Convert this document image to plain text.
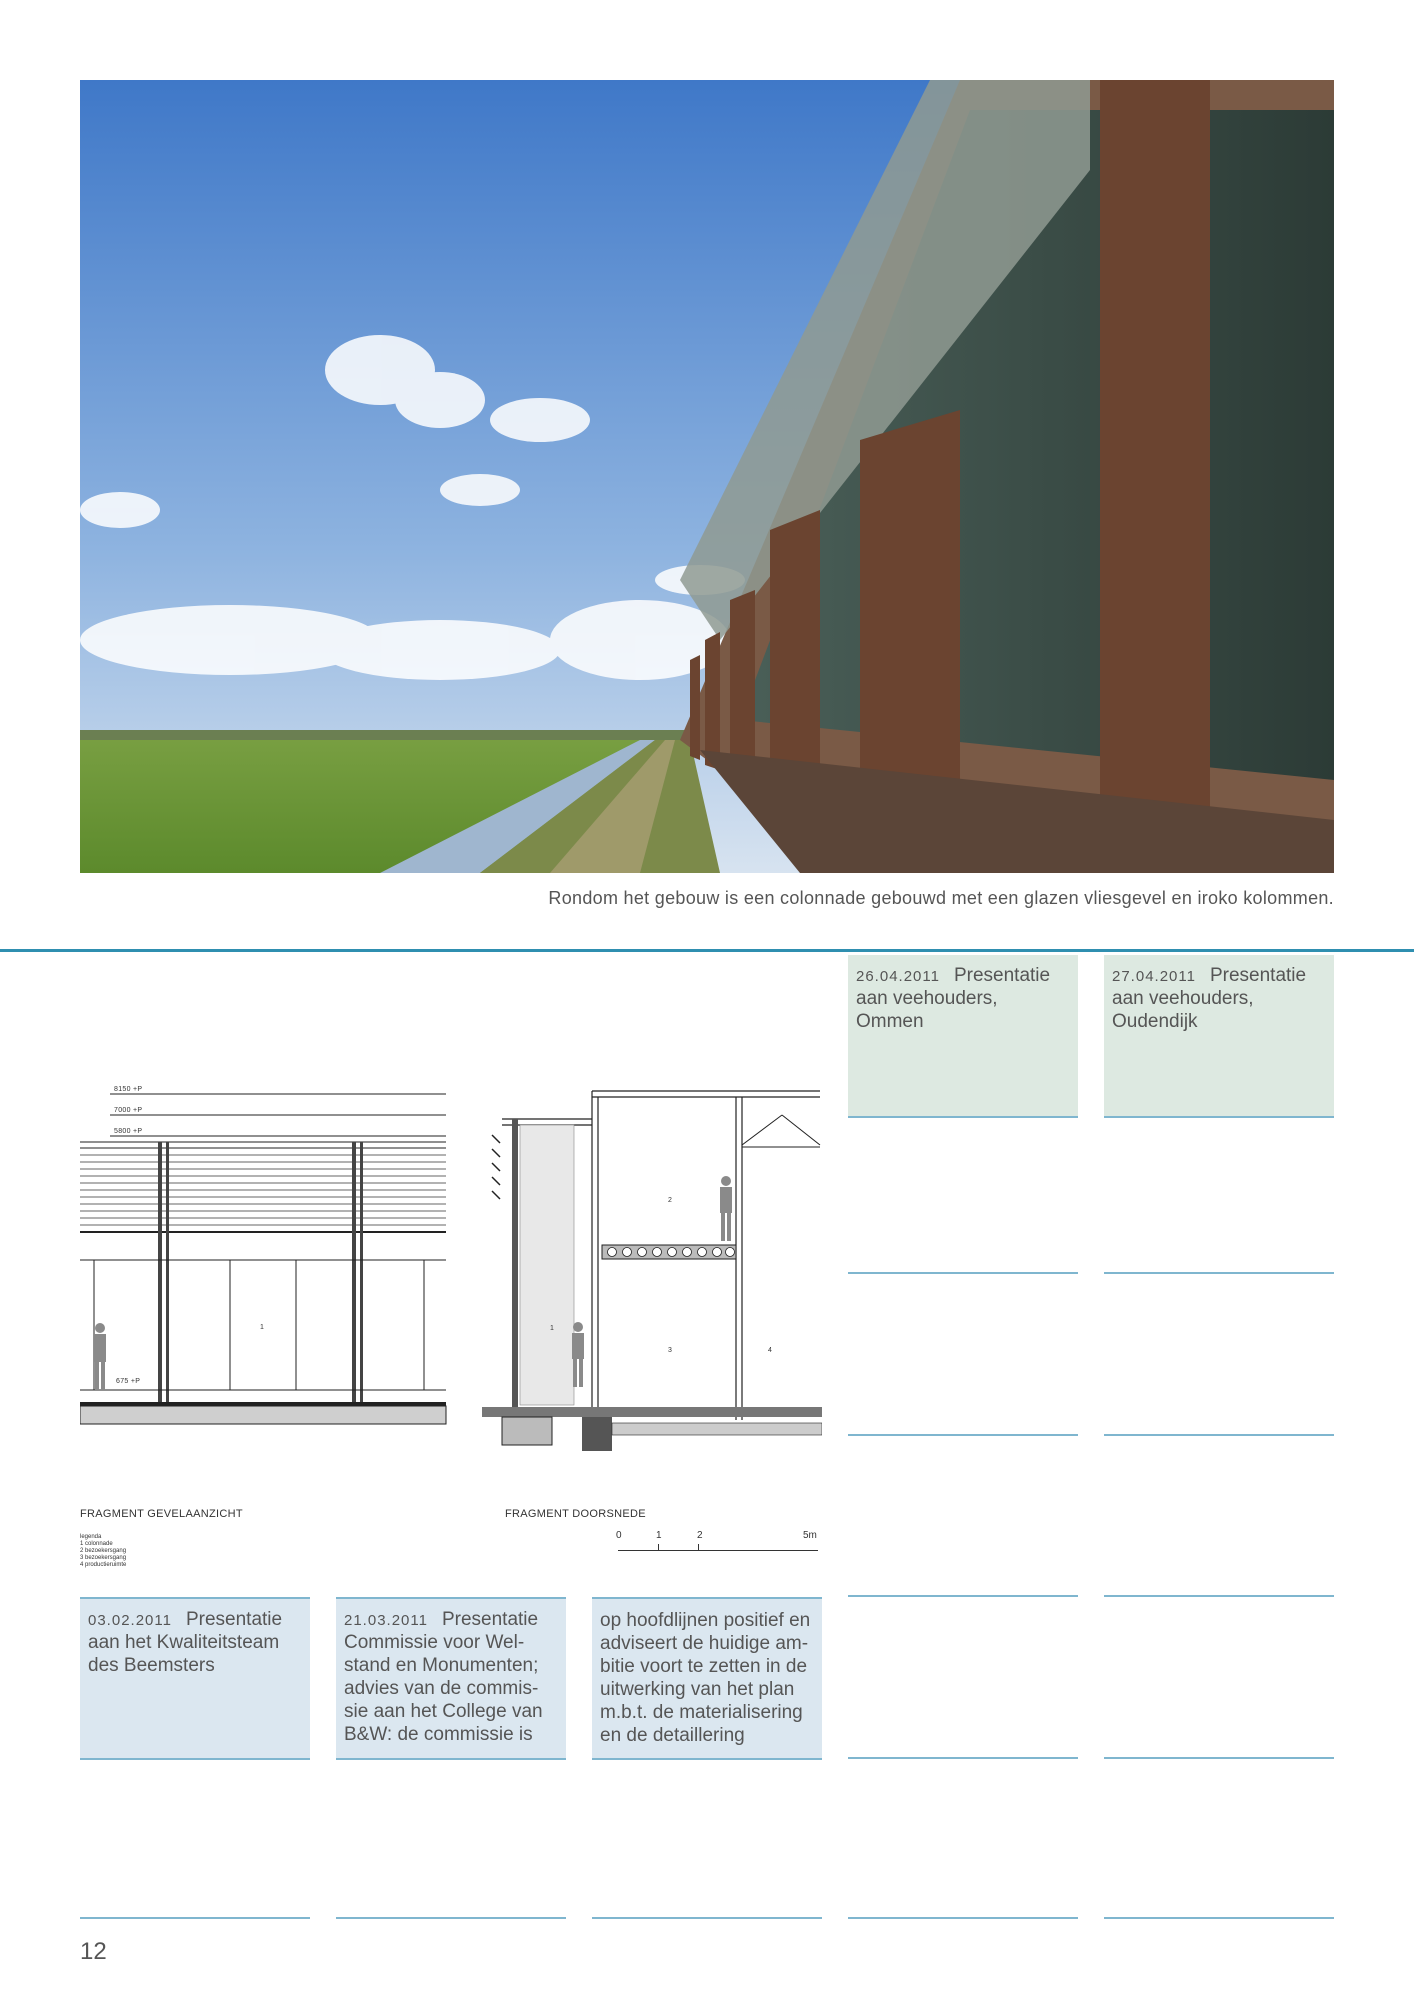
Rondom het gebouw is een colonnade gebouwd met een glazen vliesgevel en iroko kolommen.
8150 +P
7000 +P
5800 +P
675 +P
1
FRAGMENT GEVELAANZICHT
legenda
1 colonnade
2 bezoekersgang
3 bezoekersgang
4 productieruimte
2
1
3	4
FRAGMENT DOORSNEDE
0	1	2	5m
26.04.2011 Presentatie
aan veehouders,
Ommen
27.04.2011 Presentatie
aan veehouders,
Oudendijk
03.02.2011 Presentatie
aan het Kwaliteitsteam
des Beemsters
21.03.2011 Presentatie
Commissie voor Wel-
stand en Monumenten;
advies van de commis-
sie aan het College van
B&W: de commissie is
op hoofdlijnen positief en
adviseert de huidige am-
bitie voort te zetten in de
uitwerking van het plan
m.b.t. de materialisering
en de detaillering
12
